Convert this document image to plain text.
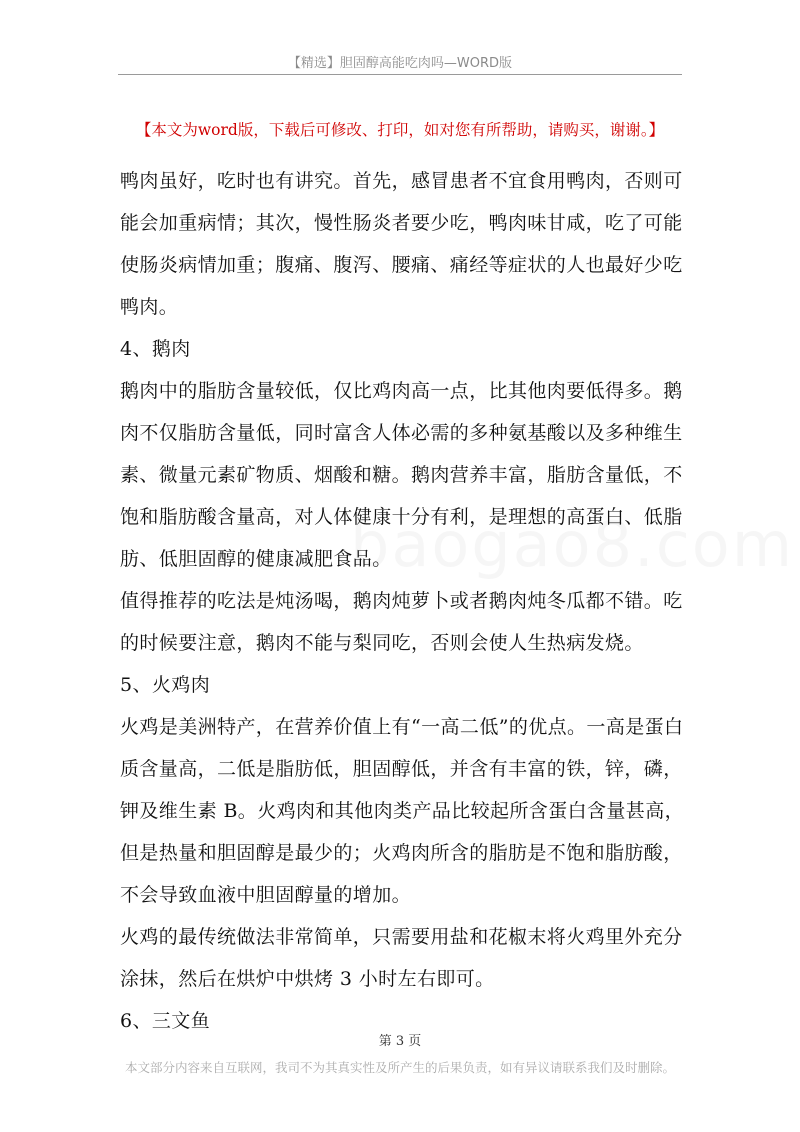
【精选】胆固醇高能吃肉吗—WORD版
【本文为word版，下载后可修改、打印，如对您有所帮助，请购买，谢谢。】

鸭肉虽好，吃时也有讲究。首先，感冒患者不宜食用鸭肉，否则可能会加重病情；其次，慢性肠炎者要少吃，鸭肉味甘咸，吃了可能使肠炎病情加重；腹痛、腹泻、腰痛、痛经等症状的人也最好少吃鸭肉。

4、鹅肉

鹅肉中的脂肪含量较低，仅比鸡肉高一点，比其他肉要低得多。鹅肉不仅脂肪含量低，同时富含人体必需的多种氨基酸以及多种维生素、微量元素矿物质、烟酸和糖。鹅肉营养丰富，脂肪含量低，不饱和脂肪酸含量高，对人体健康十分有利，是理想的高蛋白、低脂肪、低胆固醇的健康减肥食品。

值得推荐的吃法是炖汤喝，鹅肉炖萝卜或者鹅肉炖冬瓜都不错。吃的时候要注意，鹅肉不能与梨同吃，否则会使人生热病发烧。

5、火鸡肉

火鸡是美洲特产，在营养价值上有“一高二低”的优点。一高是蛋白质含量高，二低是脂肪低，胆固醇低，并含有丰富的铁，锌，磷，钾及维生素 B。火鸡肉和其他肉类产品比较起所含蛋白含量甚高，但是热量和胆固醇是最少的；火鸡肉所含的脂肪是不饱和脂肪酸，不会导致血液中胆固醇量的增加。

火鸡的最传统做法非常简单，只需要用盐和花椒末将火鸡里外充分涂抹，然后在烘炉中烘烤 3 小时左右即可。

6、三文鱼

第 3 页
本文部分内容来自互联网，我司不为其真实性及所产生的后果负责，如有异议请联系我们及时删除。
